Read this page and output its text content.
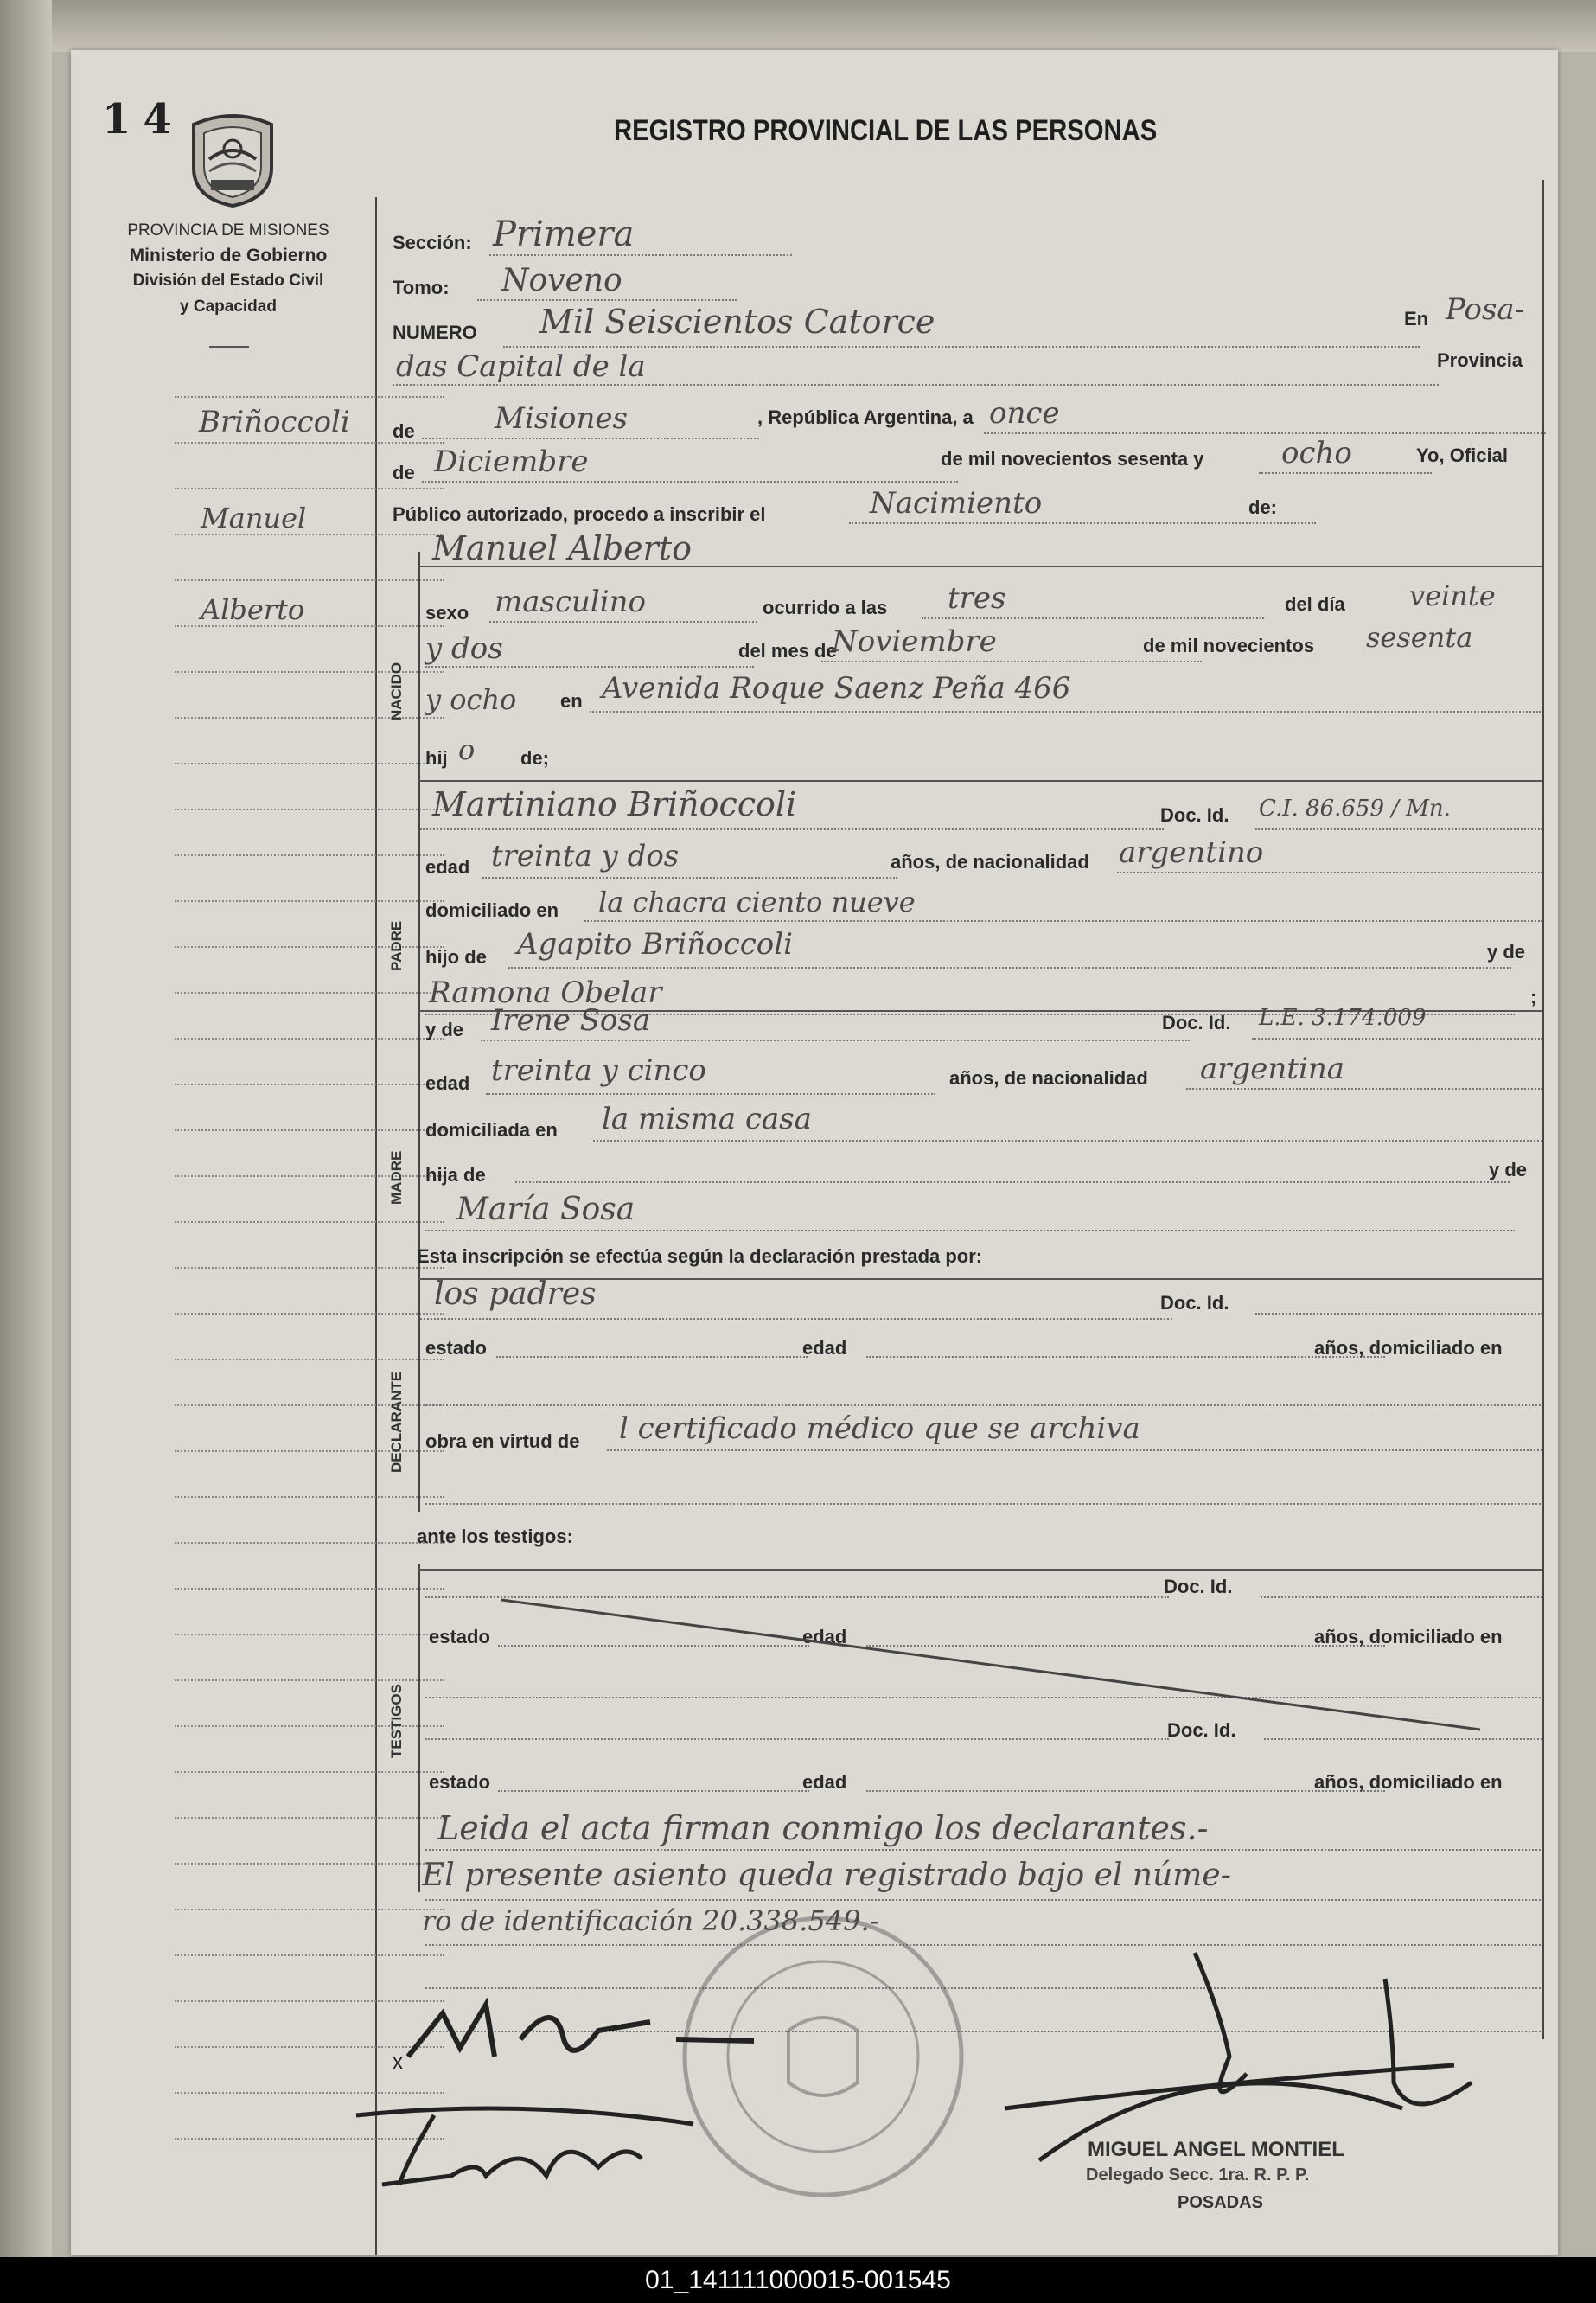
14	REGISTRO PROVINCIAL DE LAS PERSONAS
PROVINCIA DE MISIONES
Ministerio de Gobierno
División del Estado Civil
y Capacidad
Briñoccoli
Manuel
Alberto
Sección: Primera
Tomo: Noveno
NUMERO Mil Seiscientos Catorce	En Posa-
das Capital de la	Provincia
de	Misiones	, República Argentina, a once
de Diciembre	de mil novecientos sesenta y	ocho	Yo, Oficial
Público autorizado, procedo a inscribir el	Nacimiento	de:
NACIDO
Manuel Alberto
sexo masculino	ocurrido a las tres	del día veinte
y dos	del mes de
Noviembre	de mil novecientos sesenta
y ocho en Avenida Roque Saenz Peña 466
hij o de;
PADRE
Martiniano Briñoccoli	Doc. Id. C.I. 86.659 / Mn.
edad treinta y dos	años, de nacionalidad argentino
domiciliado en la chacra ciento nueve
hijo de Agapito Briñoccoli	y de
Ramona Obelar	;
MADRE
y de Irene Sosa	Doc. Id. L.E. 3.174.009
edad treinta y cinco	años, de nacionalidad argentina
domiciliada en la misma casa
hija de	y de
María Sosa
Esta inscripción se efectúa según la declaración prestada por:
DECLARANTE
los padres	Doc. Id.
estado	edad	años, domiciliado en
obra en virtud de l certificado médico que se archiva
ante los testigos:
TESTIGOS
Doc. Id.
estado	edad	años, domiciliado en
Doc. Id.
estado	edad	años, domiciliado en
Leida el acta firman conmigo los declarantes.-
El presente asiento queda registrado bajo el núme-
ro de identificación 20.338.549.-
x
MIGUEL ANGEL MONTIEL
Delegado Secc. 1ra. R. P. P.
POSADAS
01_141111000015-001545
